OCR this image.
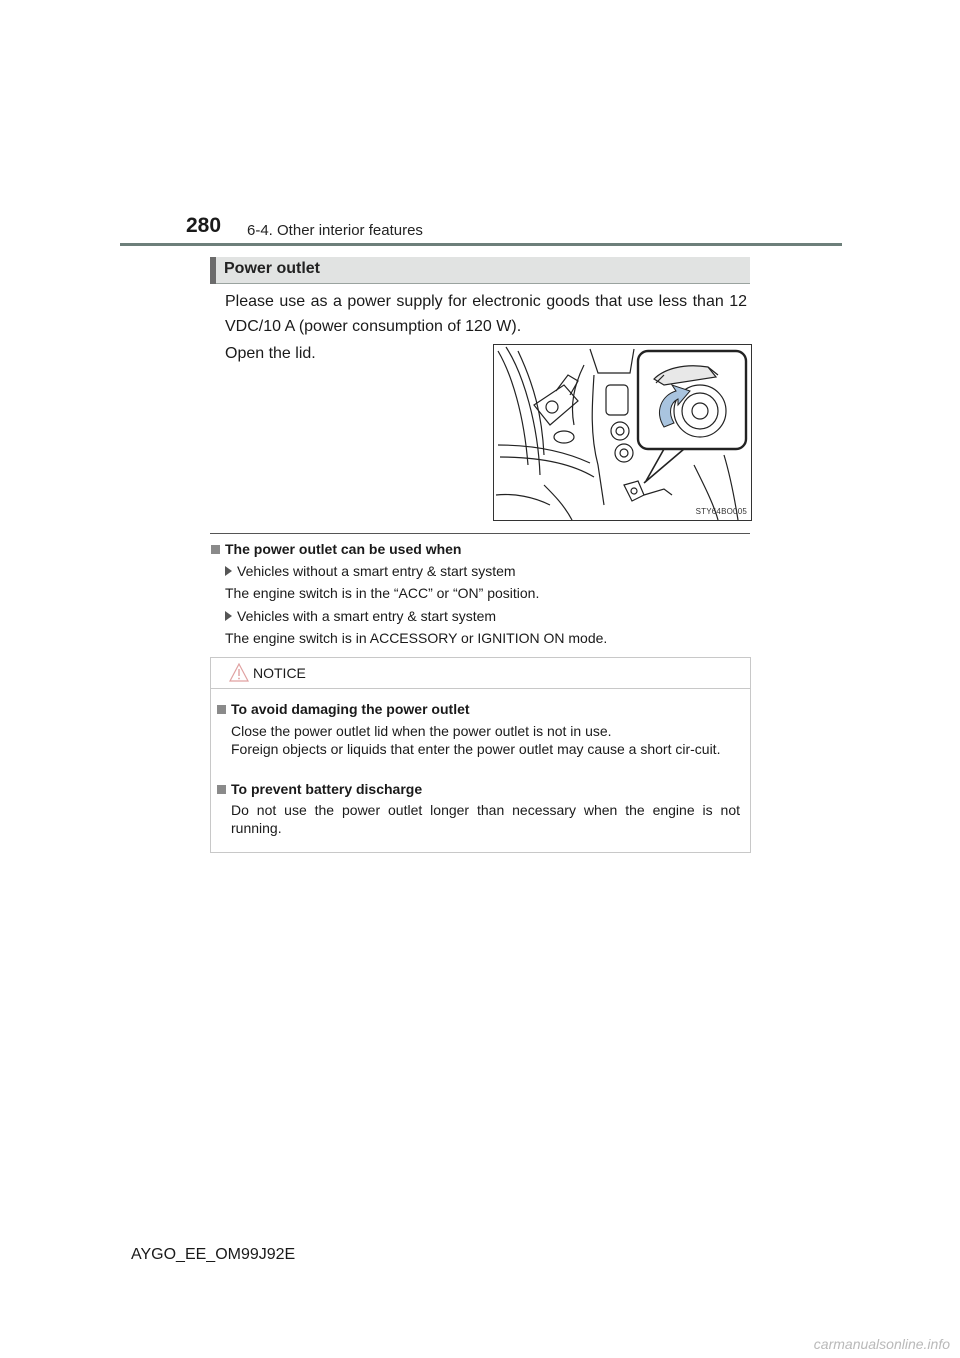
280 6-4. Other interior features
Power outlet
Please use as a power supply for electronic goods that use less than 12 VDC/10 A (power consumption of 120 W).
Open the lid.
STY64BO005
The power outlet can be used when
Vehicles without a smart entry & start system
The engine switch is in the “ACC” or “ON” position.
Vehicles with a smart entry & start system
The engine switch is in ACCESSORY or IGNITION ON mode.
NOTICE
To avoid damaging the power outlet
Close the power outlet lid when the power outlet is not in use.
Foreign objects or liquids that enter the power outlet may cause a short cir-cuit.
To prevent battery discharge
Do not use the power outlet longer than necessary when the engine is not running.
AYGO_EE_OM99J92E
carmanualsonline.info
